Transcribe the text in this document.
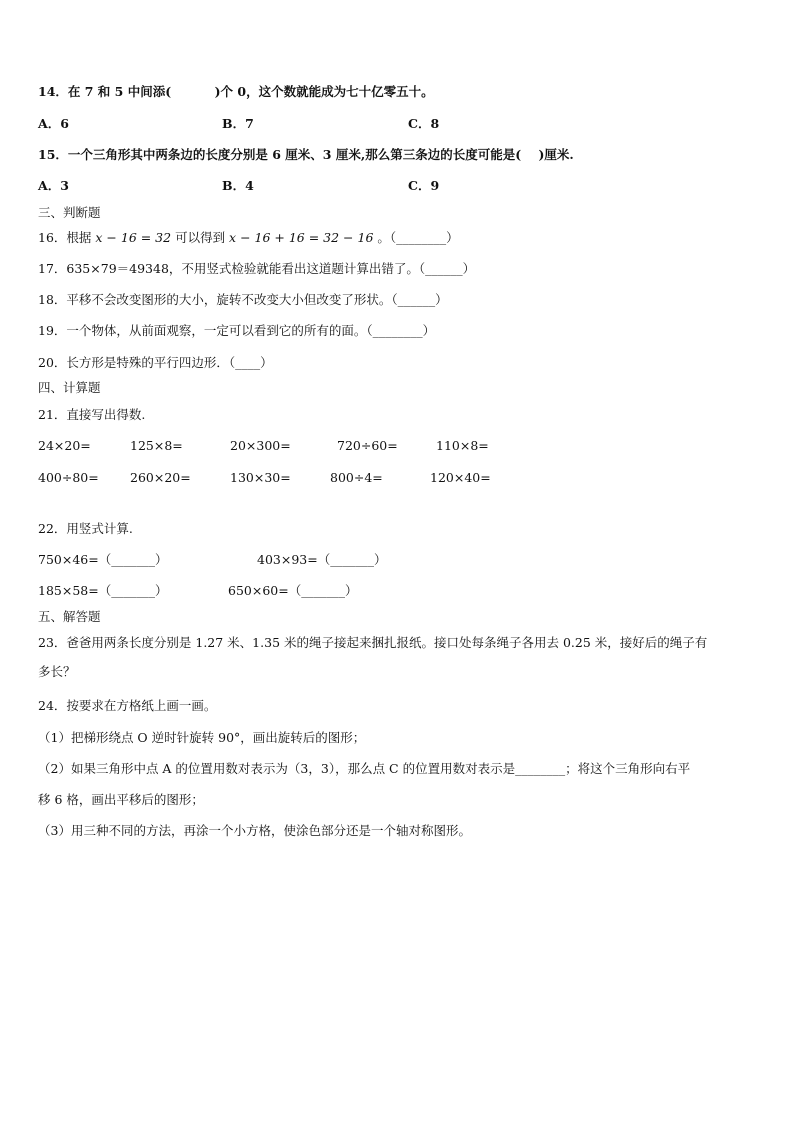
14．在 7 和 5 中间添(          )个 0，这个数就能成为七十亿零五十。
A．6	B．7	C．8
15．一个三角形其中两条边的长度分别是 6 厘米、3 厘米,那么第三条边的长度可能是(    )厘米.
A．3	B．4	C．9
三、判断题
16．根据 x − 16 = 32 可以得到 x − 16 + 16 = 32 − 16 。（________）
17．635×79＝49348，不用竖式检验就能看出这道题计算出错了。（______）
18．平移不会改变图形的大小，旋转不改变大小但改变了形状。（______）
19．一个物体，从前面观察，一定可以看到它的所有的面。（________）
20．长方形是特殊的平行四边形．（____）
四、计算题
21．直接写出得数.
24×20=	125×8=	20×300=	720÷60=	110×8=
400÷80=	260×20=	130×30=	800÷4=	120×40=
22．用竖式计算.
750×46=（_______）	403×93=（_______）
185×58=（_______）	650×60=（_______）
五、解答题
23．爸爸用两条长度分别是 1.27 米、1.35 米的绳子接起来捆扎报纸。接口处每条绳子各用去 0.25 米，接好后的绳子有
多长？
24．按要求在方格纸上画一画。
（1）把梯形绕点 O 逆时针旋转 90°，画出旋转后的图形；
（2）如果三角形中点 A 的位置用数对表示为（3，3），那么点 C 的位置用数对表示是________；将这个三角形向右平
移 6 格，画出平移后的图形；
（3）用三种不同的方法，再涂一个小方格，使涂色部分还是一个轴对称图形。
